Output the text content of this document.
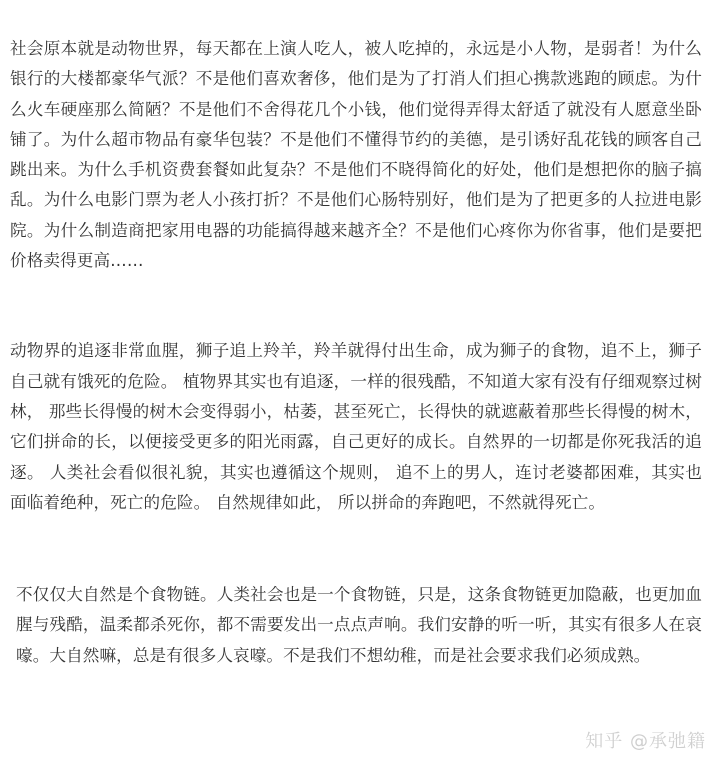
社会原本就是动物世界，每天都在上演人吃人，被人吃掉的，永远是小人物，是弱者！为什么银行的大楼都豪华气派？不是他们喜欢奢侈，他们是为了打消人们担心携款逃跑的顾虑。为什么火车硬座那么简陋？不是他们不舍得花几个小钱，他们觉得弄得太舒适了就没有人愿意坐卧铺了。为什么超市物品有豪华包装？不是他们不懂得节约的美德，是引诱好乱花钱的顾客自己跳出来。为什么手机资费套餐如此复杂？不是他们不晓得简化的好处，他们是想把你的脑子搞乱。为什么电影门票为老人小孩打折？不是他们心肠特别好，他们是为了把更多的人拉进电影院。为什么制造商把家用电器的功能搞得越来越齐全？不是他们心疼你为你省事，他们是要把价格卖得更高……

动物界的追逐非常血腥，狮子追上羚羊，羚羊就得付出生命，成为狮子的食物，追不上，狮子自己就有饿死的危险。 植物界其实也有追逐，一样的很残酷，不知道大家有没有仔细观察过树林， 那些长得慢的树木会变得弱小，枯萎，甚至死亡，长得快的就遮蔽着那些长得慢的树木，它们拼命的长，以便接受更多的阳光雨露，自己更好的成长。自然界的一切都是你死我活的追逐。 人类社会看似很礼貌，其实也遵循这个规则， 追不上的男人，连讨老婆都困难，其实也面临着绝种，死亡的危险。 自然规律如此， 所以拼命的奔跑吧，不然就得死亡。

不仅仅大自然是个食物链。人类社会也是一个食物链，只是，这条食物链更加隐蔽，也更加血腥与残酷，温柔都杀死你，都不需要发出一点点声响。我们安静的听一听，其实有很多人在哀嚎。大自然嘛，总是有很多人哀嚎。不是我们不想幼稚，而是社会要求我们必须成熟。

知乎 @承弛籍
